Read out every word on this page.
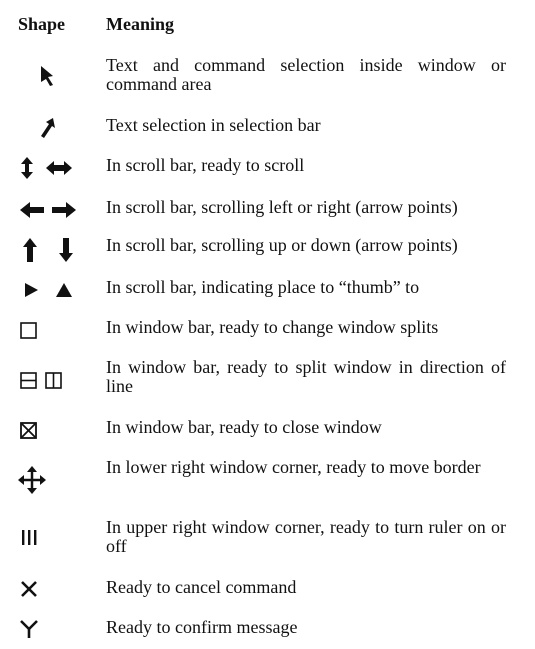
Shape Meaning
Text and command selection inside window or command area
Text selection in selection bar
In scroll bar, ready to scroll
In scroll bar, scrolling left or right (arrow points)
In scroll bar, scrolling up or down (arrow points)
In scroll bar, indicating place to “thumb” to
In window bar, ready to change window splits
In window bar, ready to split window in direction of line
In window bar, ready to close window
In lower right window corner, ready to move border
In upper right window corner, ready to turn ruler on or off
Ready to cancel command
Ready to confirm message
